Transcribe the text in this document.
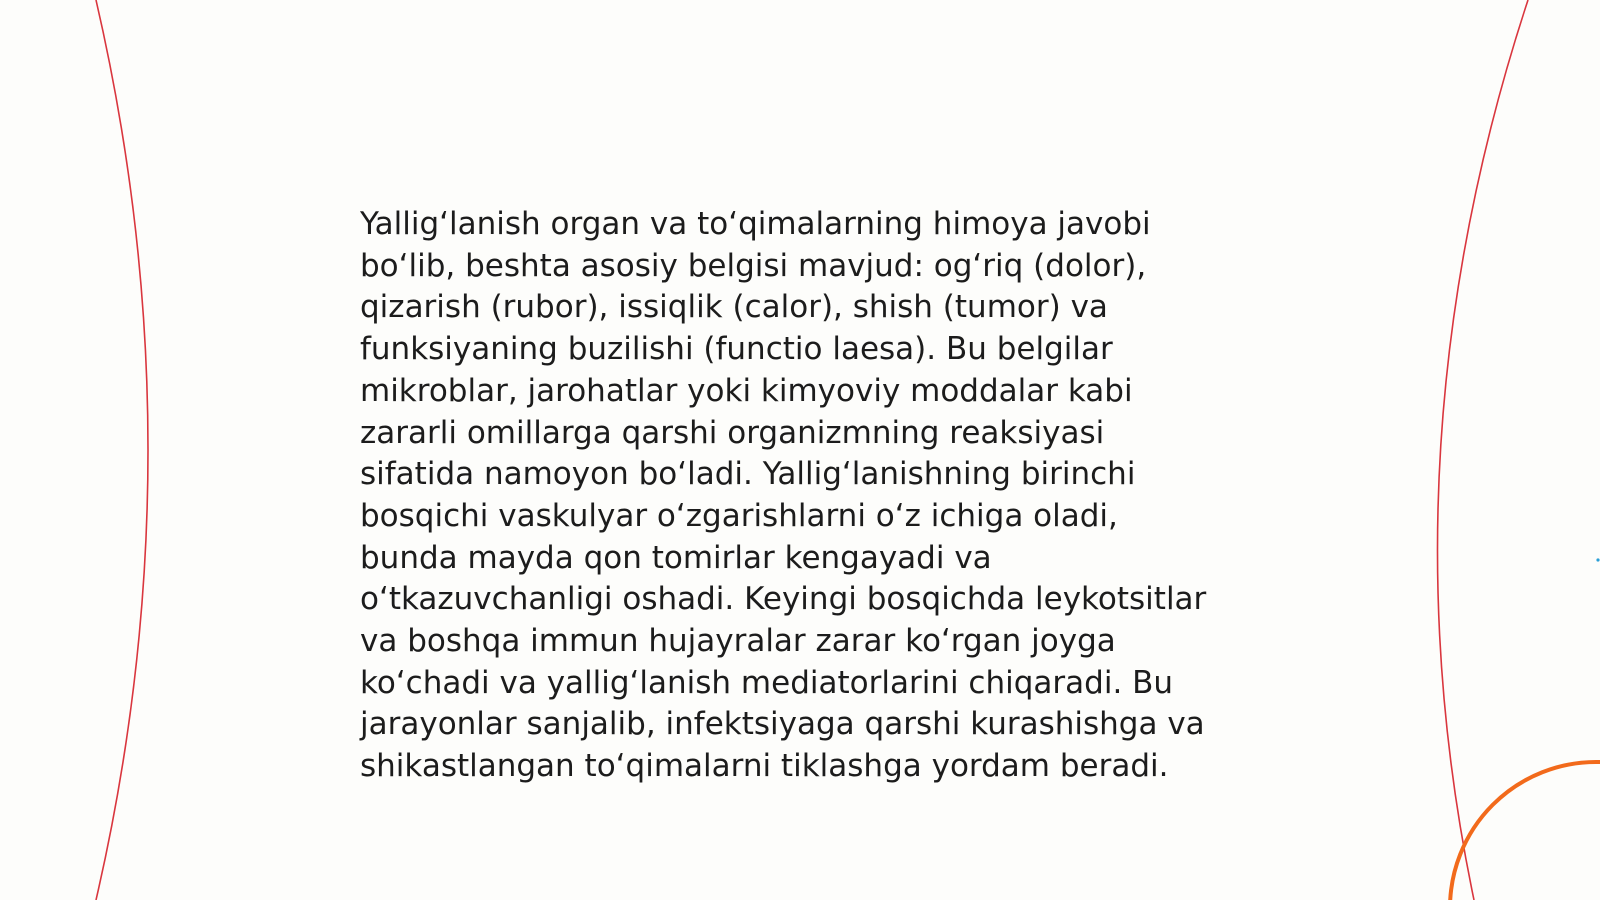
Yallig‘lanish organ va to‘qimalarning himoya javobi
bo‘lib, beshta asosiy belgisi mavjud: og‘riq (dolor),
qizarish (rubor), issiqlik (calor), shish (tumor) va
funksiyaning buzilishi (functio laesa). Bu belgilar
mikroblar, jarohatlar yoki kimyoviy moddalar kabi
zararli omillarga qarshi organizmning reaksiyasi
sifatida namoyon bo‘ladi. Yallig‘lanishning birinchi
bosqichi vaskulyar o‘zgarishlarni o‘z ichiga oladi,
bunda mayda qon tomirlar kengayadi va
o‘tkazuvchanligi oshadi. Keyingi bosqichda leykotsitlar
va boshqa immun hujayralar zarar ko‘rgan joyga
ko‘chadi va yallig‘lanish mediatorlarini chiqaradi. Bu
jarayonlar sanjalib, infektsiyaga qarshi kurashishga va
shikastlangan to‘qimalarni tiklashga yordam beradi.
